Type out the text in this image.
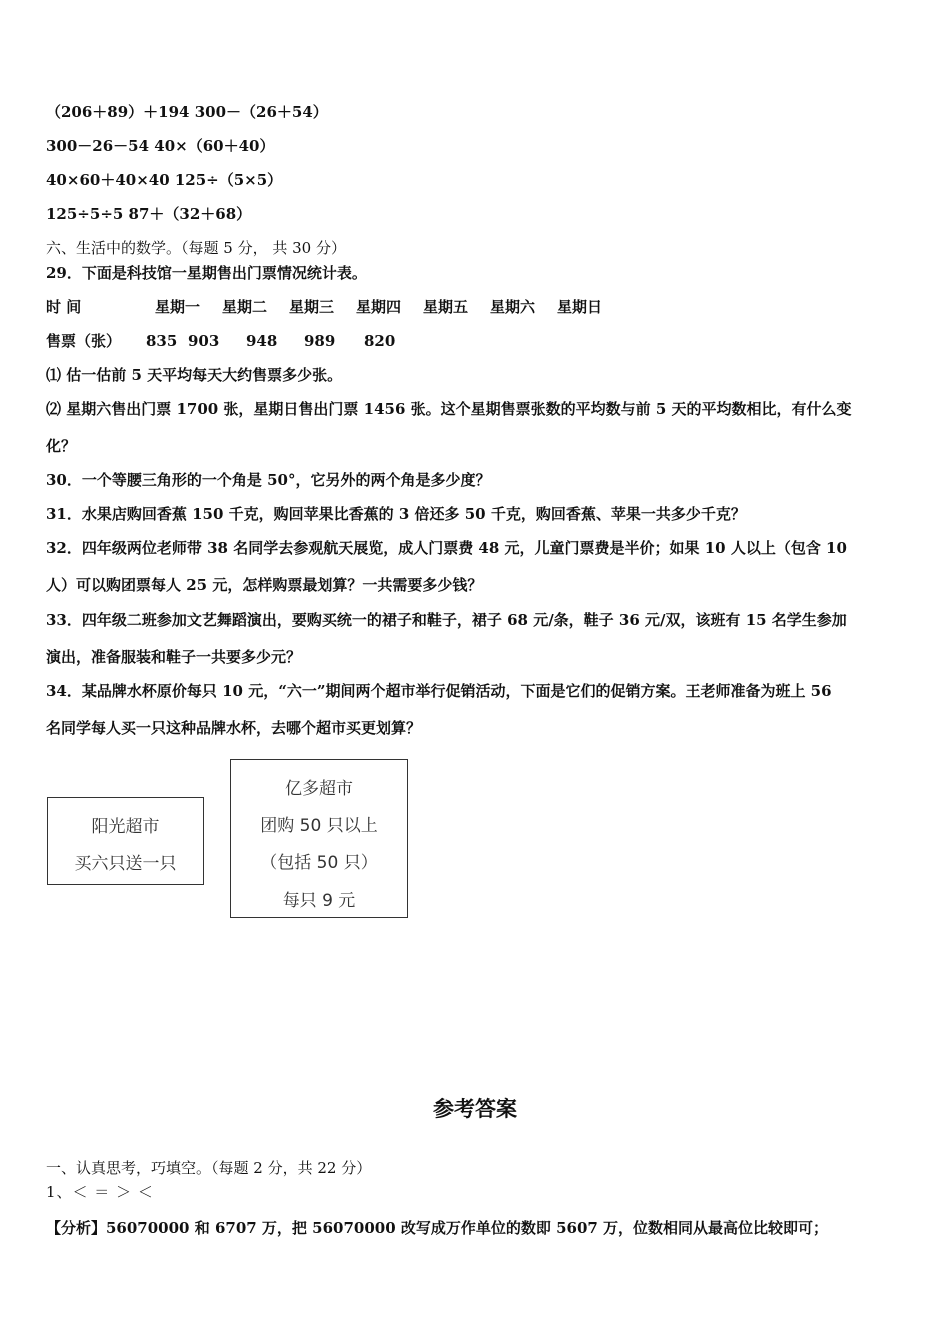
（206＋89）＋194 300－（26＋54）
300－26－54 40×（60＋40）
40×60＋40×40 125÷（5×5）
125÷5÷5 87＋（32＋68）
六、生活中的数学。（每题 5 分， 共 30 分）
29．下面是科技馆一星期售出门票情况统计表。
时 间	星期一 星期二 星期三 星期四 星期五 星期六 星期日
售票（张） 835 903 948 989 820
⑴ 估一估前 5 天平均每天大约售票多少张。
⑵ 星期六售出门票 1700 张，星期日售出门票 1456 张。这个星期售票张数的平均数与前 5 天的平均数相比，有什么变
化？
30．一个等腰三角形的一个角是 50°，它另外的两个角是多少度？
31．水果店购回香蕉 150 千克，购回苹果比香蕉的 3 倍还多 50 千克，购回香蕉、苹果一共多少千克？
32．四年级两位老师带 38 名同学去参观航天展览，成人门票费 48 元，儿童门票费是半价；如果 10 人以上（包含 10
人）可以购团票每人 25 元，怎样购票最划算？一共需要多少钱？
33．四年级二班参加文艺舞蹈演出，要购买统一的裙子和鞋子，裙子 68 元/条，鞋子 36 元/双，该班有 15 名学生参加
演出，准备服装和鞋子一共要多少元？
34．某品牌水杯原价每只 10 元，“六一”期间两个超市举行促销活动，下面是它们的促销方案。王老师准备为班上 56
名同学每人买一只这种品牌水杯，去哪个超市买更划算？
阳光超市
买六只送一只
亿多超市
团购 50 只以上
（包括 50 只）
每只 9 元
参考答案
一、认真思考，巧填空。（每题 2 分，共 22 分）
1、＜ ＝ ＞ ＜
【分析】56070000 和 6707 万，把 56070000 改写成万作单位的数即 5607 万，位数相同从最高位比较即可；
